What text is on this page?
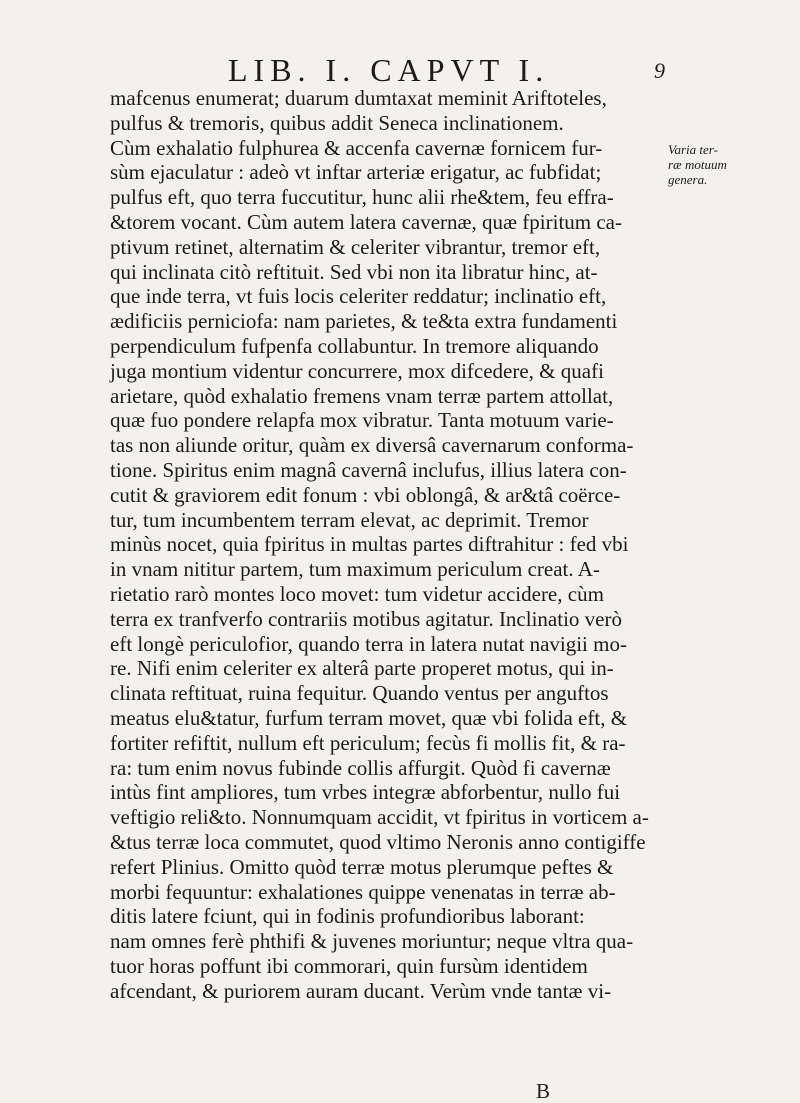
LIB. I. CAPVT I.	9
mafcenus enumerat; duarum dumtaxat meminit Ariftoteles,
pulfus & tremoris, quibus addit Seneca inclinationem.
Cùm exhalatio fulphurea & accenfa cavernæ fornicem fur-
sùm ejaculatur : adeò vt inftar arteriæ erigatur, ac fubfidat;
pulfus eft, quo terra fuccutitur, hunc alii rhe&tem, feu effra-
&torem vocant. Cùm autem latera cavernæ, quæ fpiritum ca-
ptivum retinet, alternatim & celeriter vibrantur, tremor eft,
qui inclinata citò reftituit. Sed vbi non ita libratur hinc, at-
que inde terra, vt fuis locis celeriter reddatur; inclinatio eft,
ædificiis perniciofa: nam parietes, & te&ta extra fundamenti
perpendiculum fufpenfa collabuntur. In tremore aliquando
juga montium videntur concurrere, mox difcedere, & quafi
arietare, quòd exhalatio fremens vnam terræ partem attollat,
quæ fuo pondere relapfa mox vibratur. Tanta motuum varie-
tas non aliunde oritur, quàm ex diversâ cavernarum conforma-
tione. Spiritus enim magnâ cavernâ inclufus, illius latera con-
cutit & graviorem edit fonum : vbi oblongâ, & ar&tâ coërce-
tur, tum incumbentem terram elevat, ac deprimit. Tremor
minùs nocet, quia fpiritus in multas partes diftrahitur : fed vbi
in vnam nititur partem, tum maximum periculum creat. A-
rietatio rarò montes loco movet: tum videtur accidere, cùm
terra ex tranfverfo contrariis motibus agitatur. Inclinatio verò
eft longè periculofior, quando terra in latera nutat navigii mo-
re. Nifi enim celeriter ex alterâ parte properet motus, qui in-
clinata reftituat, ruina fequitur. Quando ventus per anguftos
meatus elu&tatur, furfum terram movet, quæ vbi folida eft, &
fortiter refiftit, nullum eft periculum; fecùs fi mollis fit, & ra-
ra: tum enim novus fubinde collis affurgit. Quòd fi cavernæ
intùs fint ampliores, tum vrbes integræ abforbentur, nullo fui
veftigio reli&to. Nonnumquam accidit, vt fpiritus in vorticem a-
&tus terræ loca commutet, quod vltimo Neronis anno contigiffe
refert Plinius. Omitto quòd terræ motus plerumque peftes &
morbi fequuntur: exhalationes quippe venenatas in terræ ab-
ditis latere fciunt, qui in fodinis profundioribus laborant:
nam omnes ferè phthifi & juvenes moriuntur; neque vltra qua-
tuor horas poffunt ibi commorari, quin fursùm identidem
afcendant, & puriorem auram ducant. Verùm vnde tantæ vi-
Varia ter-
ræ motuum
genera.
B
